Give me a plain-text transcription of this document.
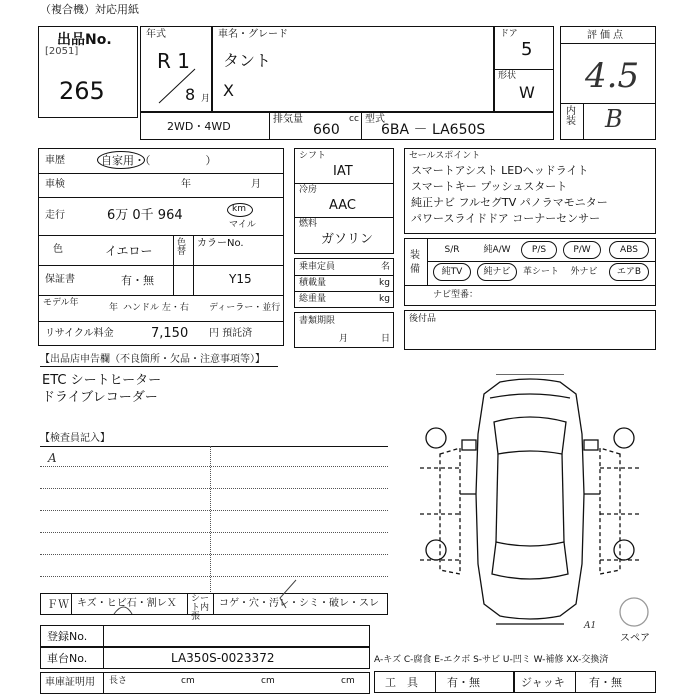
（複合機）対応用紙
出品No.
[2051]
265
年式
R 1
8 月
車名・グレード
タント
X
ドア
5
形状
W
評価点
4.5
内装 B
2WD・4WD
排気量	cc
660
型式
6BA － LA650S
車歴	自家用・（　　　　　）
車検	年	月
走行	6万 0千 964	km
マイル
色	イエロー
色替
カラーNo.
Y15
保証書	有・無
モデル年	年 ハンドル 左・右 ディーラー・並行
リサイクル料金	7,150 円 預託済
シフト
IAT
冷房
AAC
燃料
ガソリン
乗車定員	名
積載量	kg
総重量	kg
書類期限
月	日
セールスポイント
スマートアシスト LEDヘッドライト
スマートキー プッシュスタート
純正ナビ フルセグTV パノラマモニター
パワースライドドア コーナーセンサー
装備
S/R	純A/W	P/S	P/W	ABS
純TV	純ナビ	革シート	外ナビ	エアB
ナビ型番：
後付品
【出品店申告欄（不良箇所・欠品・注意事項等）】
ETC シートヒーター
ドライブレコーダー
【検査員記入】
A
A1
スペア
ＦＷ キズ・ヒビ石・割レＸ シート内張
コゲ・穴・汚レ・シミ・破レ・スレ
登録No.
車台No.	LA350S-0023372
車庫証明用 長さ	cm	cm	cm
A-キズ C-腐食 E-エクボ S-サビ U-凹ミ W-補修 XX-交換済
工　具	有・無	ジャッキ 有・無
